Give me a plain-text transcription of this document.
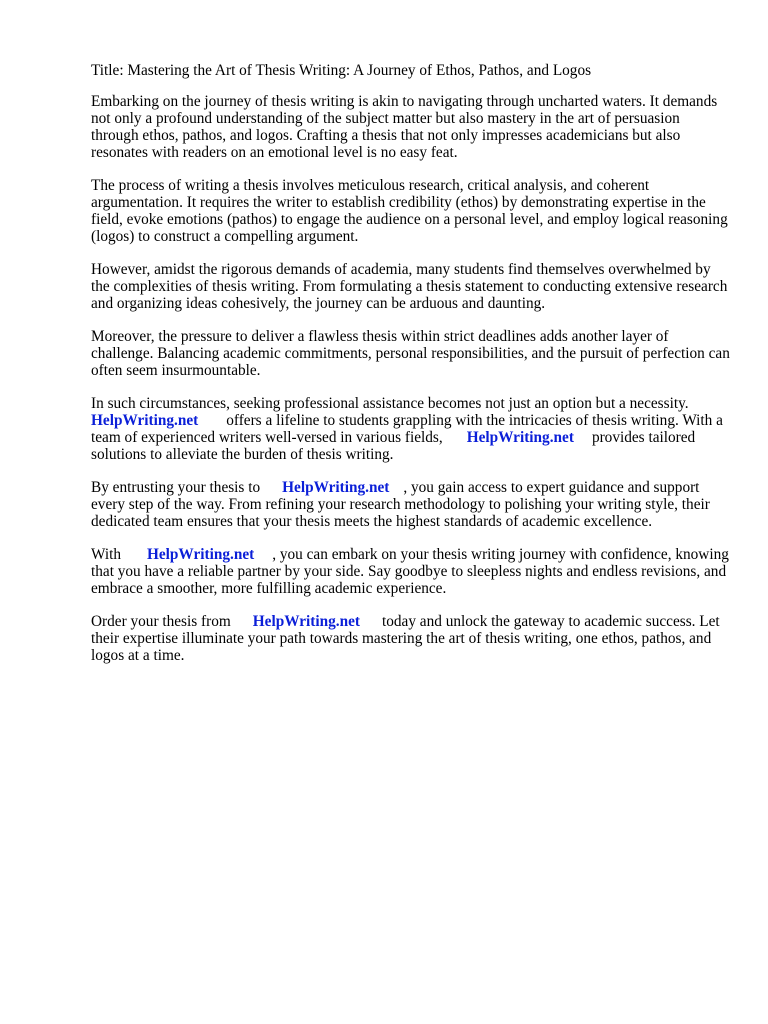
Title: Mastering the Art of Thesis Writing: A Journey of Ethos, Pathos, and Logos

Embarking on the journey of thesis writing is akin to navigating through uncharted waters. It demands not only a profound understanding of the subject matter but also mastery in the art of persuasion through ethos, pathos, and logos. Crafting a thesis that not only impresses academicians but also resonates with readers on an emotional level is no easy feat.

The process of writing a thesis involves meticulous research, critical analysis, and coherent argumentation. It requires the writer to establish credibility (ethos) by demonstrating expertise in the field, evoke emotions (pathos) to engage the audience on a personal level, and employ logical reasoning (logos) to construct a compelling argument.

However, amidst the rigorous demands of academia, many students find themselves overwhelmed by the complexities of thesis writing. From formulating a thesis statement to conducting extensive research and organizing ideas cohesively, the journey can be arduous and daunting.

Moreover, the pressure to deliver a flawless thesis within strict deadlines adds another layer of challenge. Balancing academic commitments, personal responsibilities, and the pursuit of perfection can often seem insurmountable.

In such circumstances, seeking professional assistance becomes not just an option but a necessity. HelpWriting.net offers a lifeline to students grappling with the intricacies of thesis writing. With a team of experienced writers well-versed in various fields, HelpWriting.net provides tailored solutions to alleviate the burden of thesis writing.

By entrusting your thesis to HelpWriting.net , you gain access to expert guidance and support every step of the way. From refining your research methodology to polishing your writing style, their dedicated team ensures that your thesis meets the highest standards of academic excellence.

With HelpWriting.net , you can embark on your thesis writing journey with confidence, knowing that you have a reliable partner by your side. Say goodbye to sleepless nights and endless revisions, and embrace a smoother, more fulfilling academic experience.

Order your thesis from HelpWriting.net today and unlock the gateway to academic success. Let their expertise illuminate your path towards mastering the art of thesis writing, one ethos, pathos, and logos at a time.
